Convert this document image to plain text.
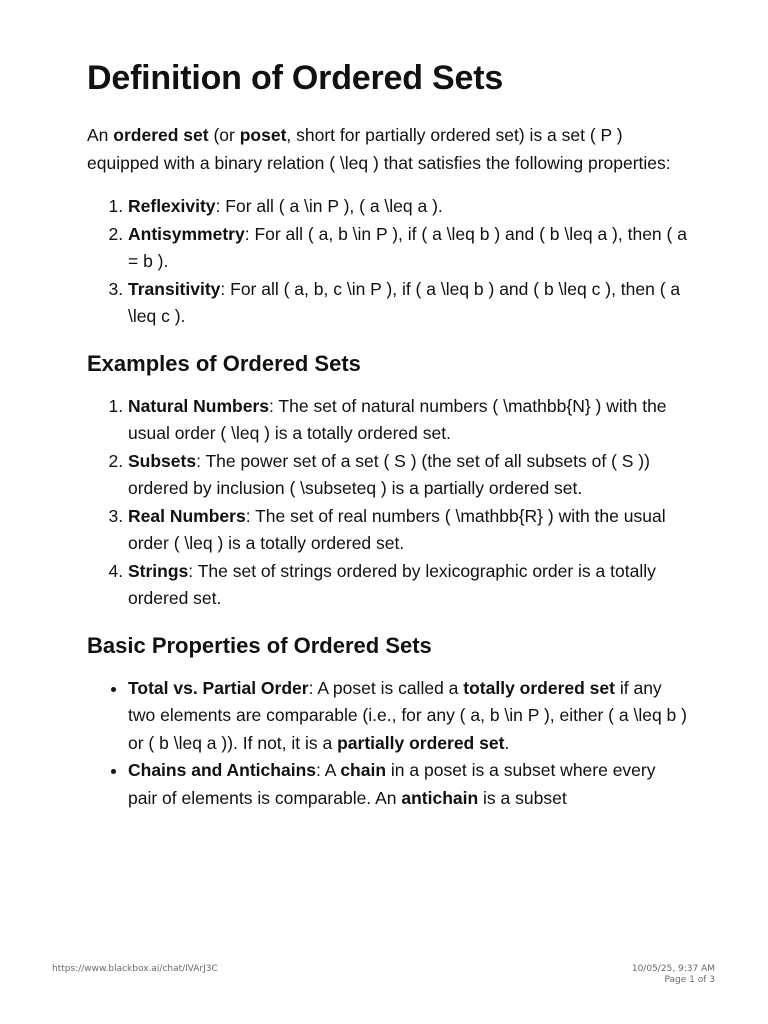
Definition of Ordered Sets

An ordered set (or poset, short for partially ordered set) is a set ( P ) equipped with a binary relation ( \leq ) that satisfies the following properties:

1. Reflexivity: For all ( a \in P ), ( a \leq a ).
2. Antisymmetry: For all ( a, b \in P ), if ( a \leq b ) and ( b \leq a ), then ( a = b ).
3. Transitivity: For all ( a, b, c \in P ), if ( a \leq b ) and ( b \leq c ), then ( a \leq c ).
Examples of Ordered Sets
1. Natural Numbers: The set of natural numbers ( \mathbb{N} ) with the usual order ( \leq ) is a totally ordered set.
2. Subsets: The power set of a set ( S ) (the set of all subsets of ( S )) ordered by inclusion ( \subseteq ) is a partially ordered set.
3. Real Numbers: The set of real numbers ( \mathbb{R} ) with the usual order ( \leq ) is a totally ordered set.
4. Strings: The set of strings ordered by lexicographic order is a totally ordered set.
Basic Properties of Ordered Sets
• Total vs. Partial Order: A poset is called a totally ordered set if any two elements are comparable (i.e., for any ( a, b \in P ), either ( a \leq b ) or ( b \leq a )). If not, it is a partially ordered set.
• Chains and Antichains: A chain in a poset is a subset where every pair of elements is comparable. An antichain is a subset
https://www.blackbox.ai/chat/lVArJ3C	10/05/25, 9:37 AM
Page 1 of 3
